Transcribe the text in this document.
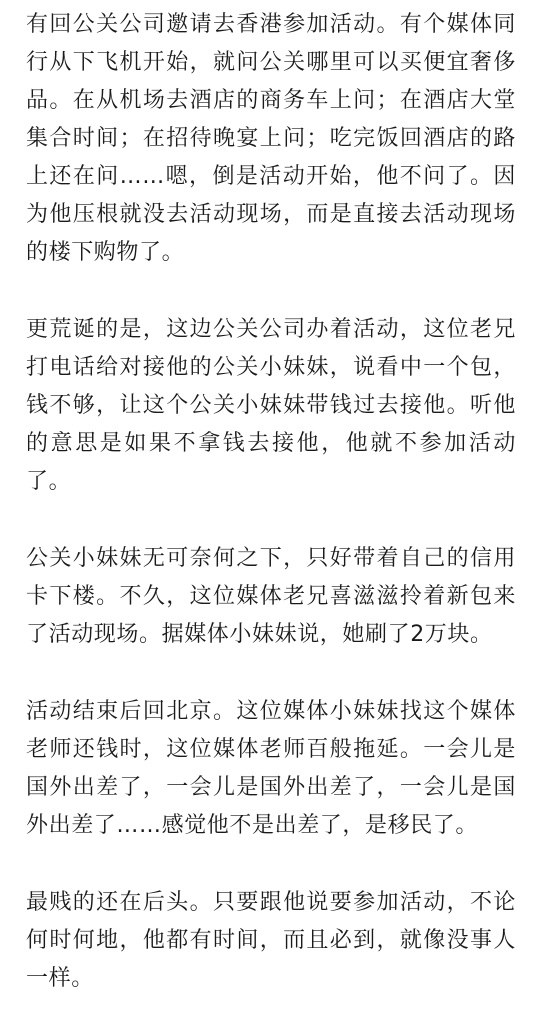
有回公关公司邀请去香港参加活动。有个媒体同行从下飞机开始，就问公关哪里可以买便宜奢侈品。在从机场去酒店的商务车上问；在酒店大堂集合时间；在招待晚宴上问；吃完饭回酒店的路上还在问……嗯，倒是活动开始，他不问了。因为他压根就没去活动现场，而是直接去活动现场的楼下购物了。

更荒诞的是，这边公关公司办着活动，这位老兄打电话给对接他的公关小妹妹，说看中一个包，钱不够，让这个公关小妹妹带钱过去接他。听他的意思是如果不拿钱去接他，他就不参加活动了。

公关小妹妹无可奈何之下，只好带着自己的信用卡下楼。不久，这位媒体老兄喜滋滋拎着新包来了活动现场。据媒体小妹妹说，她刷了2万块。

活动结束后回北京。这位媒体小妹妹找这个媒体老师还钱时，这位媒体老师百般拖延。一会儿是国外出差了，一会儿是国外出差了，一会儿是国外出差了……感觉他不是出差了，是移民了。

最贱的还在后头。只要跟他说要参加活动，不论何时何地，他都有时间，而且必到，就像没事人一样。
